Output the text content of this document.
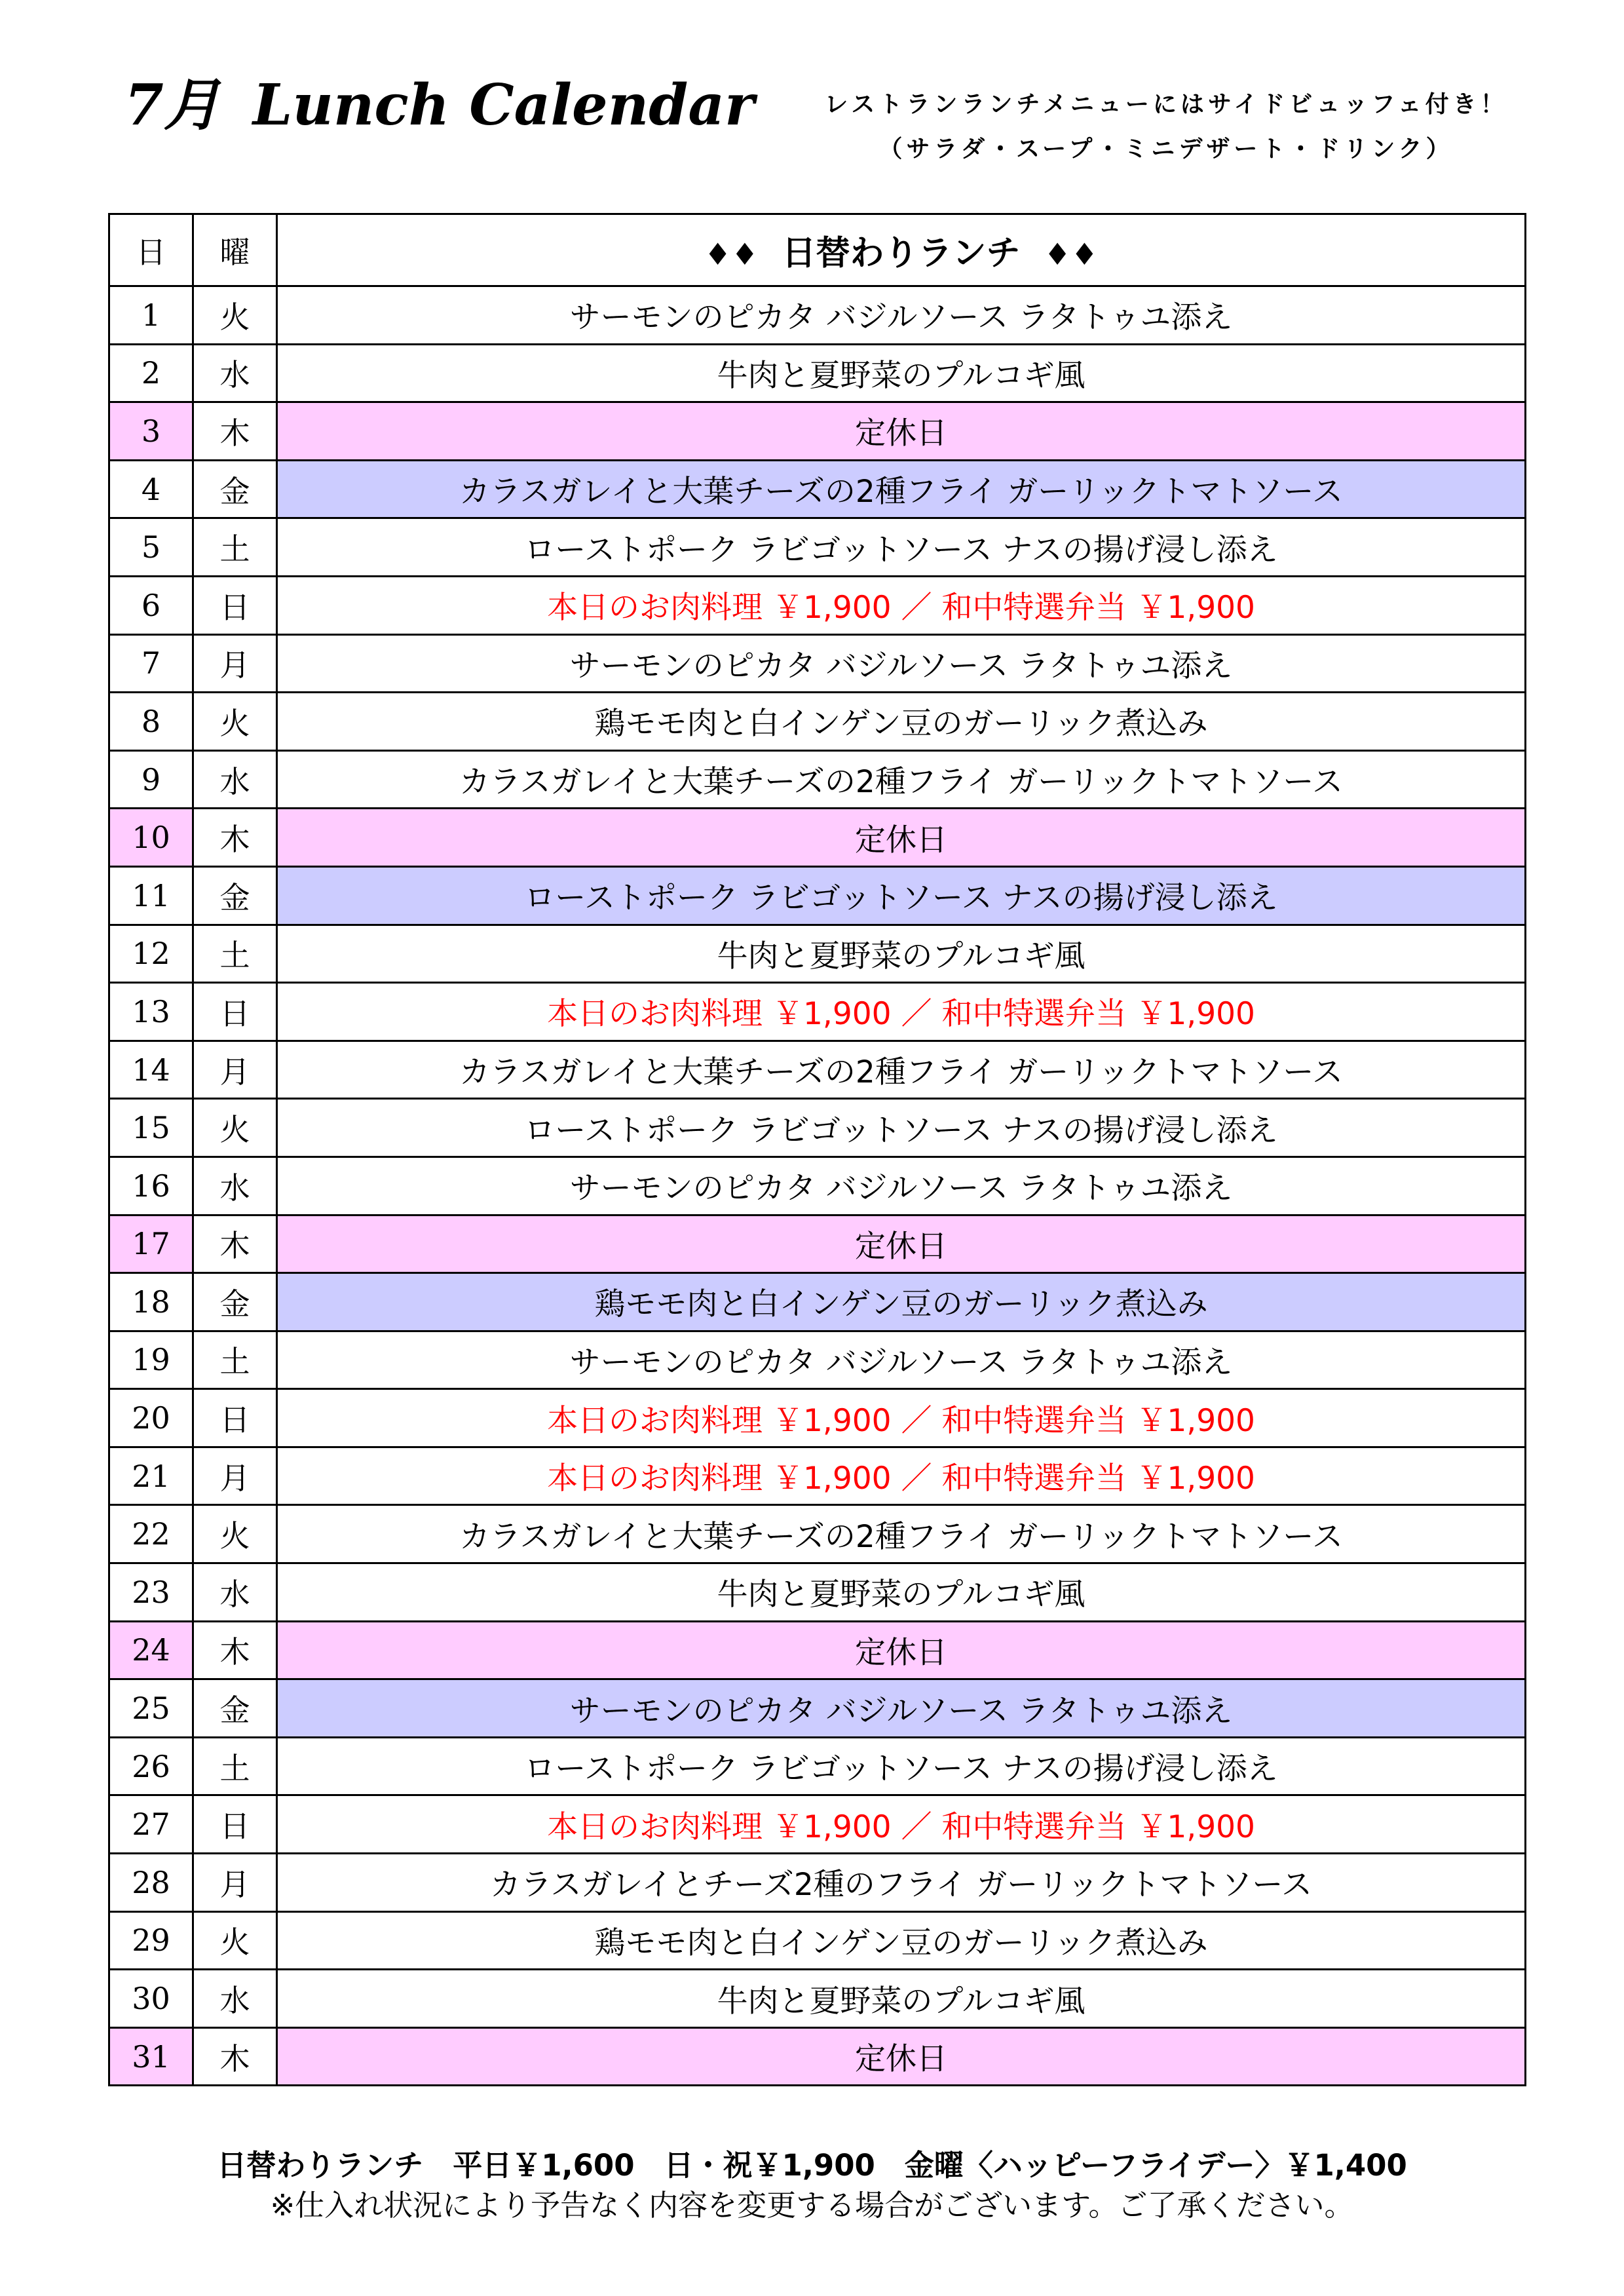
7月 Lunch Calendar	レストランランチメニューにはサイドビュッフェ付き！
（サラダ・スープ・ミニデザート・ドリンク）
日	曜	♦♦ 日替わりランチ ♦♦
1	火	サーモンのピカタ バジルソース ラタトゥユ添え
2	水	牛肉と夏野菜のプルコギ風
3	木	定休日
4	金	カラスガレイと大葉チーズの2種フライ ガーリックトマトソース
5	土	ローストポーク ラビゴットソース ナスの揚げ浸し添え
6	日	本日のお肉料理 ￥1,900 ／ 和中特選弁当 ￥1,900
7	月	サーモンのピカタ バジルソース ラタトゥユ添え
8	火	鶏モモ肉と白インゲン豆のガーリック煮込み
9	水	カラスガレイと大葉チーズの2種フライ ガーリックトマトソース
10	木	定休日
11	金	ローストポーク ラビゴットソース ナスの揚げ浸し添え
12	土	牛肉と夏野菜のプルコギ風
13	日	本日のお肉料理 ￥1,900 ／ 和中特選弁当 ￥1,900
14	月	カラスガレイと大葉チーズの2種フライ ガーリックトマトソース
15	火	ローストポーク ラビゴットソース ナスの揚げ浸し添え
16	水	サーモンのピカタ バジルソース ラタトゥユ添え
17	木	定休日
18	金	鶏モモ肉と白インゲン豆のガーリック煮込み
19	土	サーモンのピカタ バジルソース ラタトゥユ添え
20	日	本日のお肉料理 ￥1,900 ／ 和中特選弁当 ￥1,900
21	月	本日のお肉料理 ￥1,900 ／ 和中特選弁当 ￥1,900
22	火	カラスガレイと大葉チーズの2種フライ ガーリックトマトソース
23	水	牛肉と夏野菜のプルコギ風
24	木	定休日
25	金	サーモンのピカタ バジルソース ラタトゥユ添え
26	土	ローストポーク ラビゴットソース ナスの揚げ浸し添え
27	日	本日のお肉料理 ￥1,900 ／ 和中特選弁当 ￥1,900
28	月	カラスガレイとチーズ2種のフライ ガーリックトマトソース
29	火	鶏モモ肉と白インゲン豆のガーリック煮込み
30	水	牛肉と夏野菜のプルコギ風
31	木	定休日
日替わりランチ　平日￥1,600　日・祝￥1,900　金曜〈ハッピーフライデー〉￥1,400
※仕入れ状況により予告なく内容を変更する場合がございます。ご了承ください。
